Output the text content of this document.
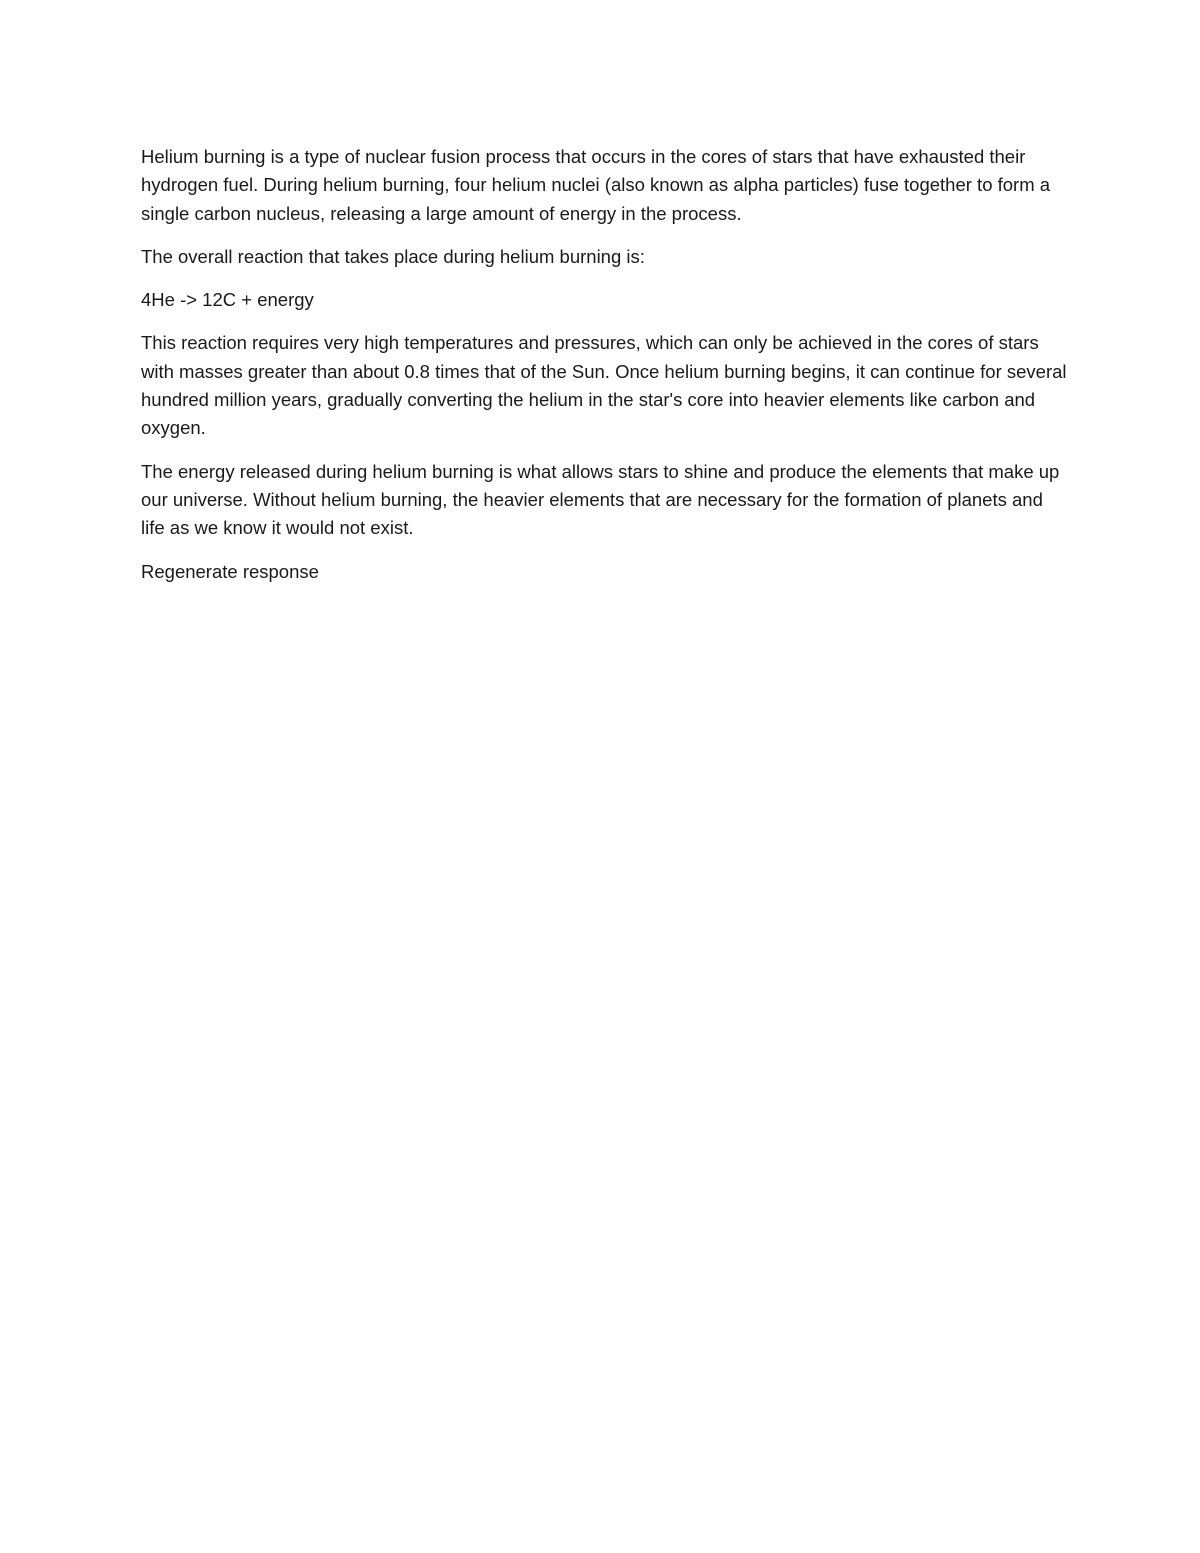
Helium burning is a type of nuclear fusion process that occurs in the cores of stars that have exhausted their hydrogen fuel. During helium burning, four helium nuclei (also known as alpha particles) fuse together to form a single carbon nucleus, releasing a large amount of energy in the process.

The overall reaction that takes place during helium burning is:

4He -> 12C + energy

This reaction requires very high temperatures and pressures, which can only be achieved in the cores of stars with masses greater than about 0.8 times that of the Sun. Once helium burning begins, it can continue for several hundred million years, gradually converting the helium in the star's core into heavier elements like carbon and oxygen.

The energy released during helium burning is what allows stars to shine and produce the elements that make up our universe. Without helium burning, the heavier elements that are necessary for the formation of planets and life as we know it would not exist.

Regenerate response
